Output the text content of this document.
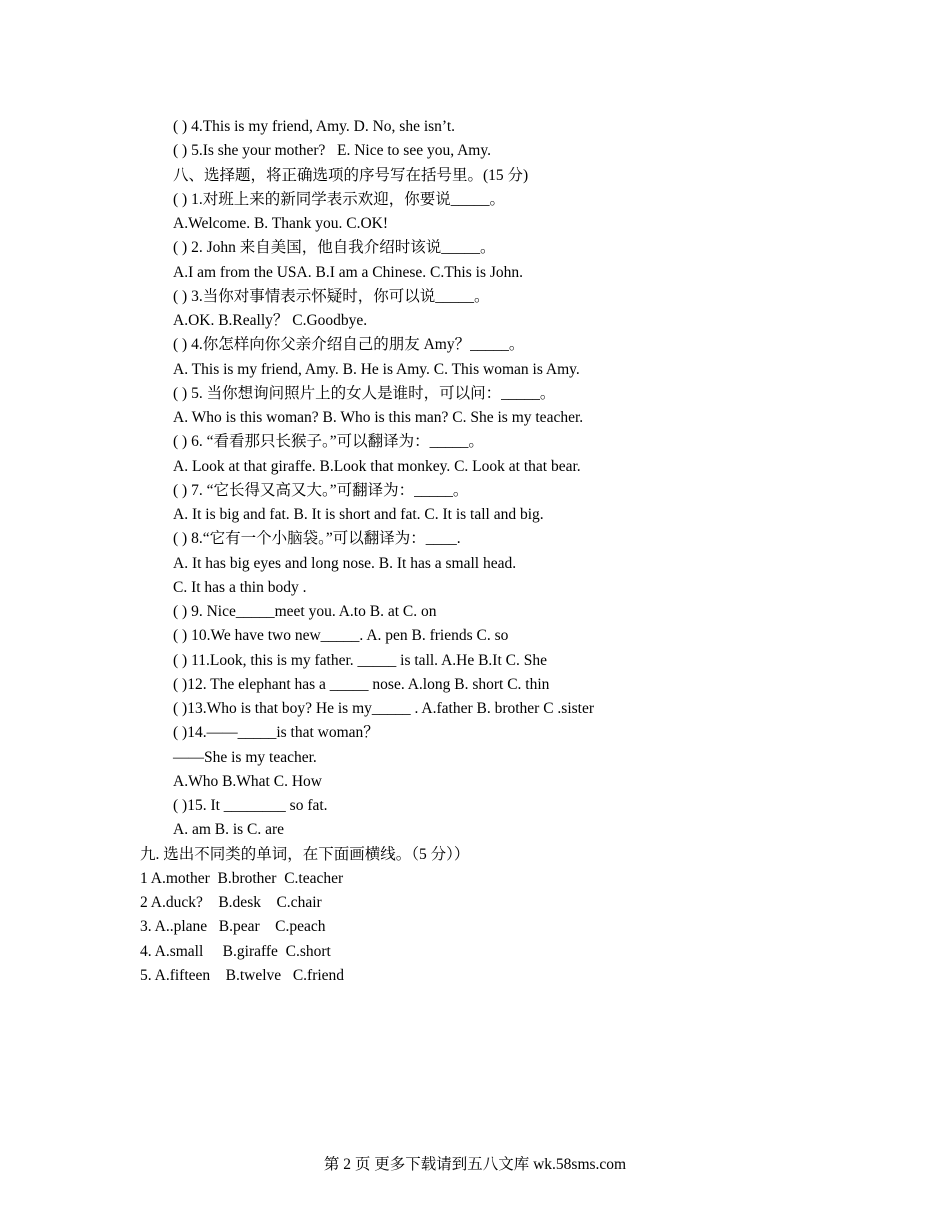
( ) 4.This is my friend, Amy. D. No, she isn’t.
( ) 5.Is she your mother?   E. Nice to see you, Amy.
八、选择题，将正确选项的序号写在括号里。(15 分)
( ) 1.对班上来的新同学表示欢迎，你要说_____。
A.Welcome. B. Thank you. C.OK!
( ) 2. John 来自美国，他自我介绍时该说_____。
A.I am from the USA. B.I am a Chinese. C.This is John.
( ) 3.当你对事情表示怀疑时，你可以说_____。
A.OK. B.Really？ C.Goodbye.
( ) 4.你怎样向你父亲介绍自己的朋友 Amy？_____。
A. This is my friend, Amy. B. He is Amy. C. This woman is Amy.
( ) 5. 当你想询问照片上的女人是谁时，可以问：_____。
A. Who is this woman? B. Who is this man? C. She is my teacher.
( ) 6. “看看那只长猴子。”可以翻译为：_____。
A. Look at that giraffe. B.Look that monkey. C. Look at that bear.
( ) 7. “它长得又高又大。”可翻译为：_____。
A. It is big and fat. B. It is short and fat. C. It is tall and big.
( ) 8.“它有一个小脑袋。”可以翻译为：____.
A. It has big eyes and long nose. B. It has a small head.
C. It has a thin body .
( ) 9. Nice_____meet you. A.to B. at C. on
( ) 10.We have two new_____. A. pen B. friends C. so
( ) 11.Look, this is my father. _____ is tall. A.He B.It C. She
( )12. The elephant has a _____ nose. A.long B. short C. thin
( )13.Who is that boy? He is my_____ . A.father B. brother C .sister
( )14.——_____is that woman？
——She is my teacher.
A.Who B.What C. How
( )15. It ________ so fat.
A. am B. is C. are
九. 选出不同类的单词，在下面画横线。（5 分））
1 A.mother  B.brother  C.teacher
2 A.duck?    B.desk    C.chair
3. A..plane   B.pear    C.peach
4. A.small     B.giraffe  C.short
5. A.fifteen    B.twelve   C.friend
第 2 页 更多下载请到五八文库 wk.58sms.com
